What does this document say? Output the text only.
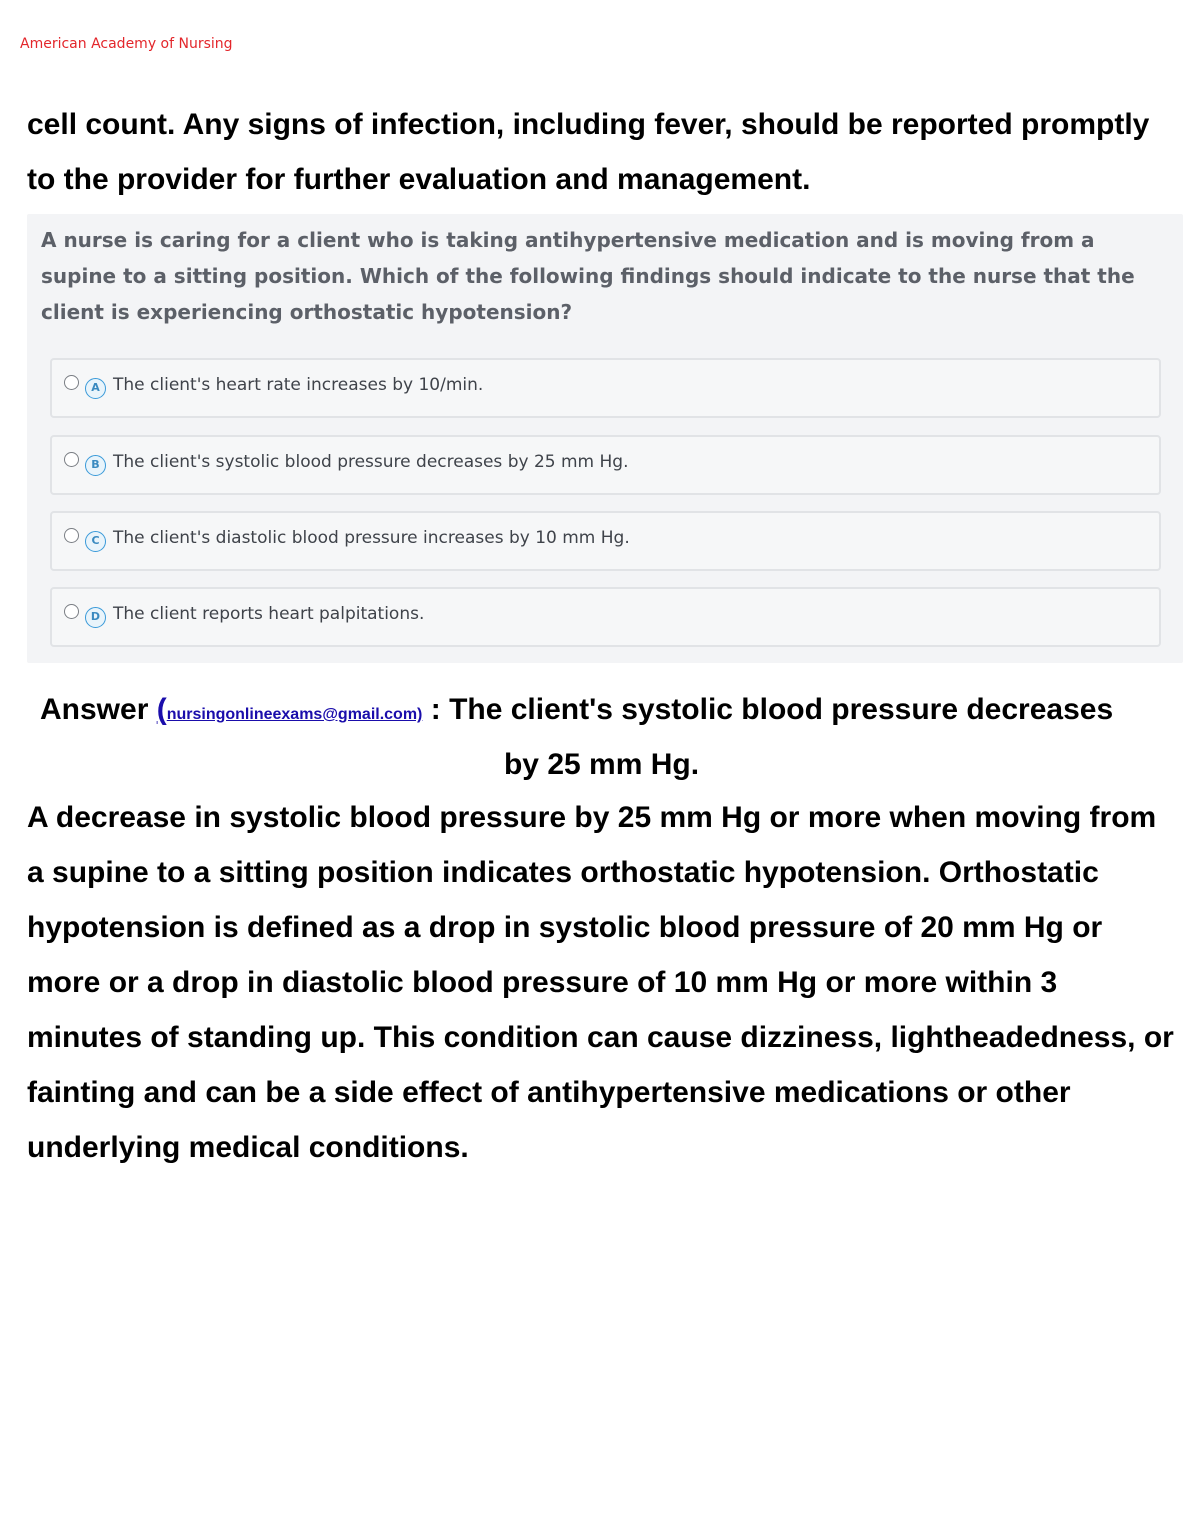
American Academy of Nursing
cell count. Any signs of infection, including fever, should be reported promptly to the provider for further evaluation and management.
A nurse is caring for a client who is taking antihypertensive medication and is moving from a supine to a sitting position. Which of the following findings should indicate to the nurse that the client is experiencing orthostatic hypotension?
A The client's heart rate increases by 10/min.
B The client's systolic blood pressure decreases by 25 mm Hg.
C The client's diastolic blood pressure increases by 10 mm Hg.
D The client reports heart palpitations.
Answer (nursingonlineexams@gmail.com) : The client's systolic blood pressure decreases
by 25 mm Hg.
A decrease in systolic blood pressure by 25 mm Hg or more when moving from a supine to a sitting position indicates orthostatic hypotension. Orthostatic hypotension is defined as a drop in systolic blood pressure of 20 mm Hg or more or a drop in diastolic blood pressure of 10 mm Hg or more within 3 minutes of standing up. This condition can cause dizziness, lightheadedness, or fainting and can be a side effect of antihypertensive medications or other underlying medical conditions.
